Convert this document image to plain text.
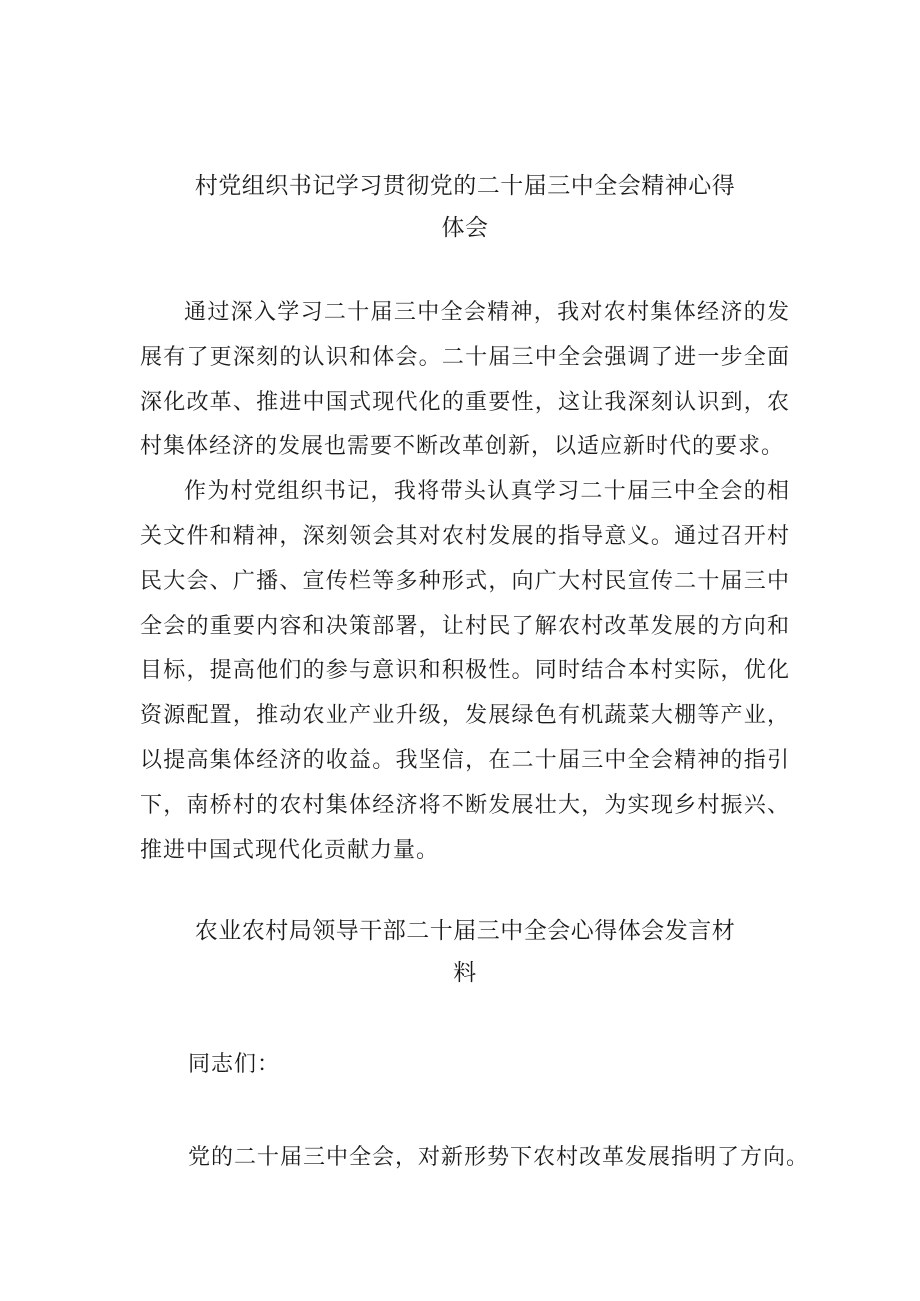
村党组织书记学习贯彻党的二十届三中全会精神心得
体会

通过深入学习二十届三中全会精神，我对农村集体经济的发展有了更深刻的认识和体会。二十届三中全会强调了进一步全面深化改革、推进中国式现代化的重要性，这让我深刻认识到，农村集体经济的发展也需要不断改革创新，以适应新时代的要求。

作为村党组织书记，我将带头认真学习二十届三中全会的相关文件和精神，深刻领会其对农村发展的指导意义。通过召开村民大会、广播、宣传栏等多种形式，向广大村民宣传二十届三中全会的重要内容和决策部署，让村民了解农村改革发展的方向和目标，提高他们的参与意识和积极性。同时结合本村实际，优化资源配置，推动农业产业升级，发展绿色有机蔬菜大棚等产业，以提高集体经济的收益。我坚信，在二十届三中全会精神的指引下，南桥村的农村集体经济将不断发展壮大，为实现乡村振兴、推进中国式现代化贡献力量。

农业农村局领导干部二十届三中全会心得体会发言材
料

同志们：

党的二十届三中全会，对新形势下农村改革发展指明了方向。
